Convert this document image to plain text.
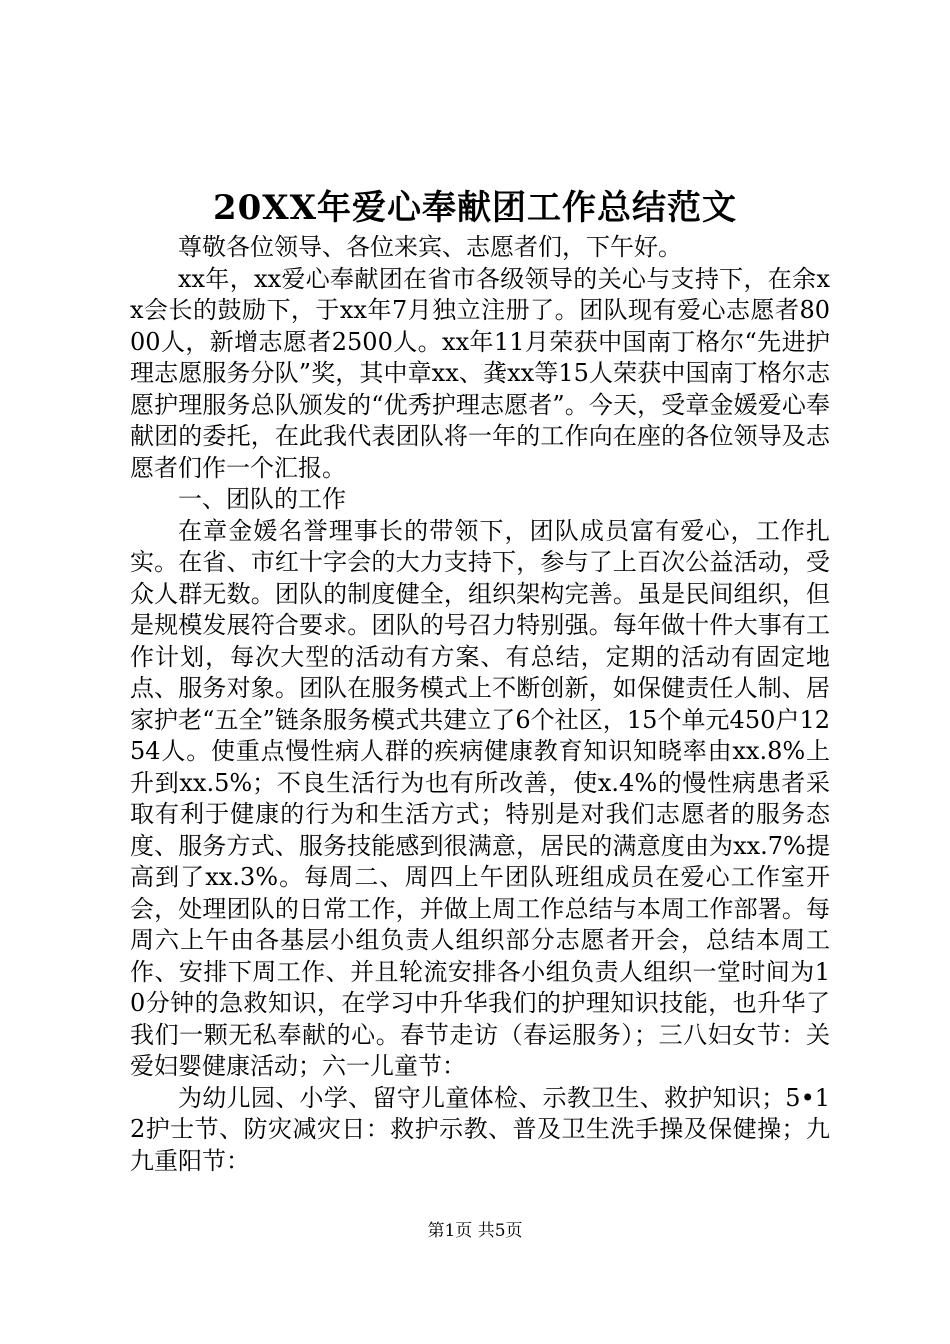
20XX年爱心奉献团工作总结范文

尊敬各位领导、各位来宾、志愿者们，下午好。

xx年，xx爱心奉献团在省市各级领导的关心与支持下，在余xx会长的鼓励下，于xx年7月独立注册了。团队现有爱心志愿者8000人，新增志愿者2500人。xx年11月荣获中国南丁格尔“先进护理志愿服务分队”奖，其中章xx、龚xx等15人荣获中国南丁格尔志愿护理服务总队颁发的“优秀护理志愿者”。今天，受章金媛爱心奉献团的委托，在此我代表团队将一年的工作向在座的各位领导及志愿者们作一个汇报。

一、团队的工作

在章金媛名誉理事长的带领下，团队成员富有爱心，工作扎实。在省、市红十字会的大力支持下，参与了上百次公益活动，受众人群无数。团队的制度健全，组织架构完善。虽是民间组织，但是规模发展符合要求。团队的号召力特别强。每年做十件大事有工作计划，每次大型的活动有方案、有总结，定期的活动有固定地点、服务对象。团队在服务模式上不断创新，如保健责任人制、居家护老“五全”链条服务模式共建立了6个社区，15个单元450户1254人。使重点慢性病人群的疾病健康教育知识知晓率由xx.8%上升到xx.5%；不良生活行为也有所改善，使x.4%的慢性病患者采取有利于健康的行为和生活方式；特别是对我们志愿者的服务态度、服务方式、服务技能感到很满意，居民的满意度由为xx.7%提高到了xx.3%。每周二、周四上午团队班组成员在爱心工作室开会，处理团队的日常工作，并做上周工作总结与本周工作部署。每周六上午由各基层小组负责人组织部分志愿者开会，总结本周工作、安排下周工作、并且轮流安排各小组负责人组织一堂时间为10分钟的急救知识，在学习中升华我们的护理知识技能，也升华了我们一颗无私奉献的心。春节走访（春运服务）；三八妇女节：关爱妇婴健康活动；六一儿童节：

为幼儿园、小学、留守儿童体检、示教卫生、救护知识；5•12护士节、防灾减灾日：救护示教、普及卫生洗手操及保健操；九九重阳节：

第1页 共5页
